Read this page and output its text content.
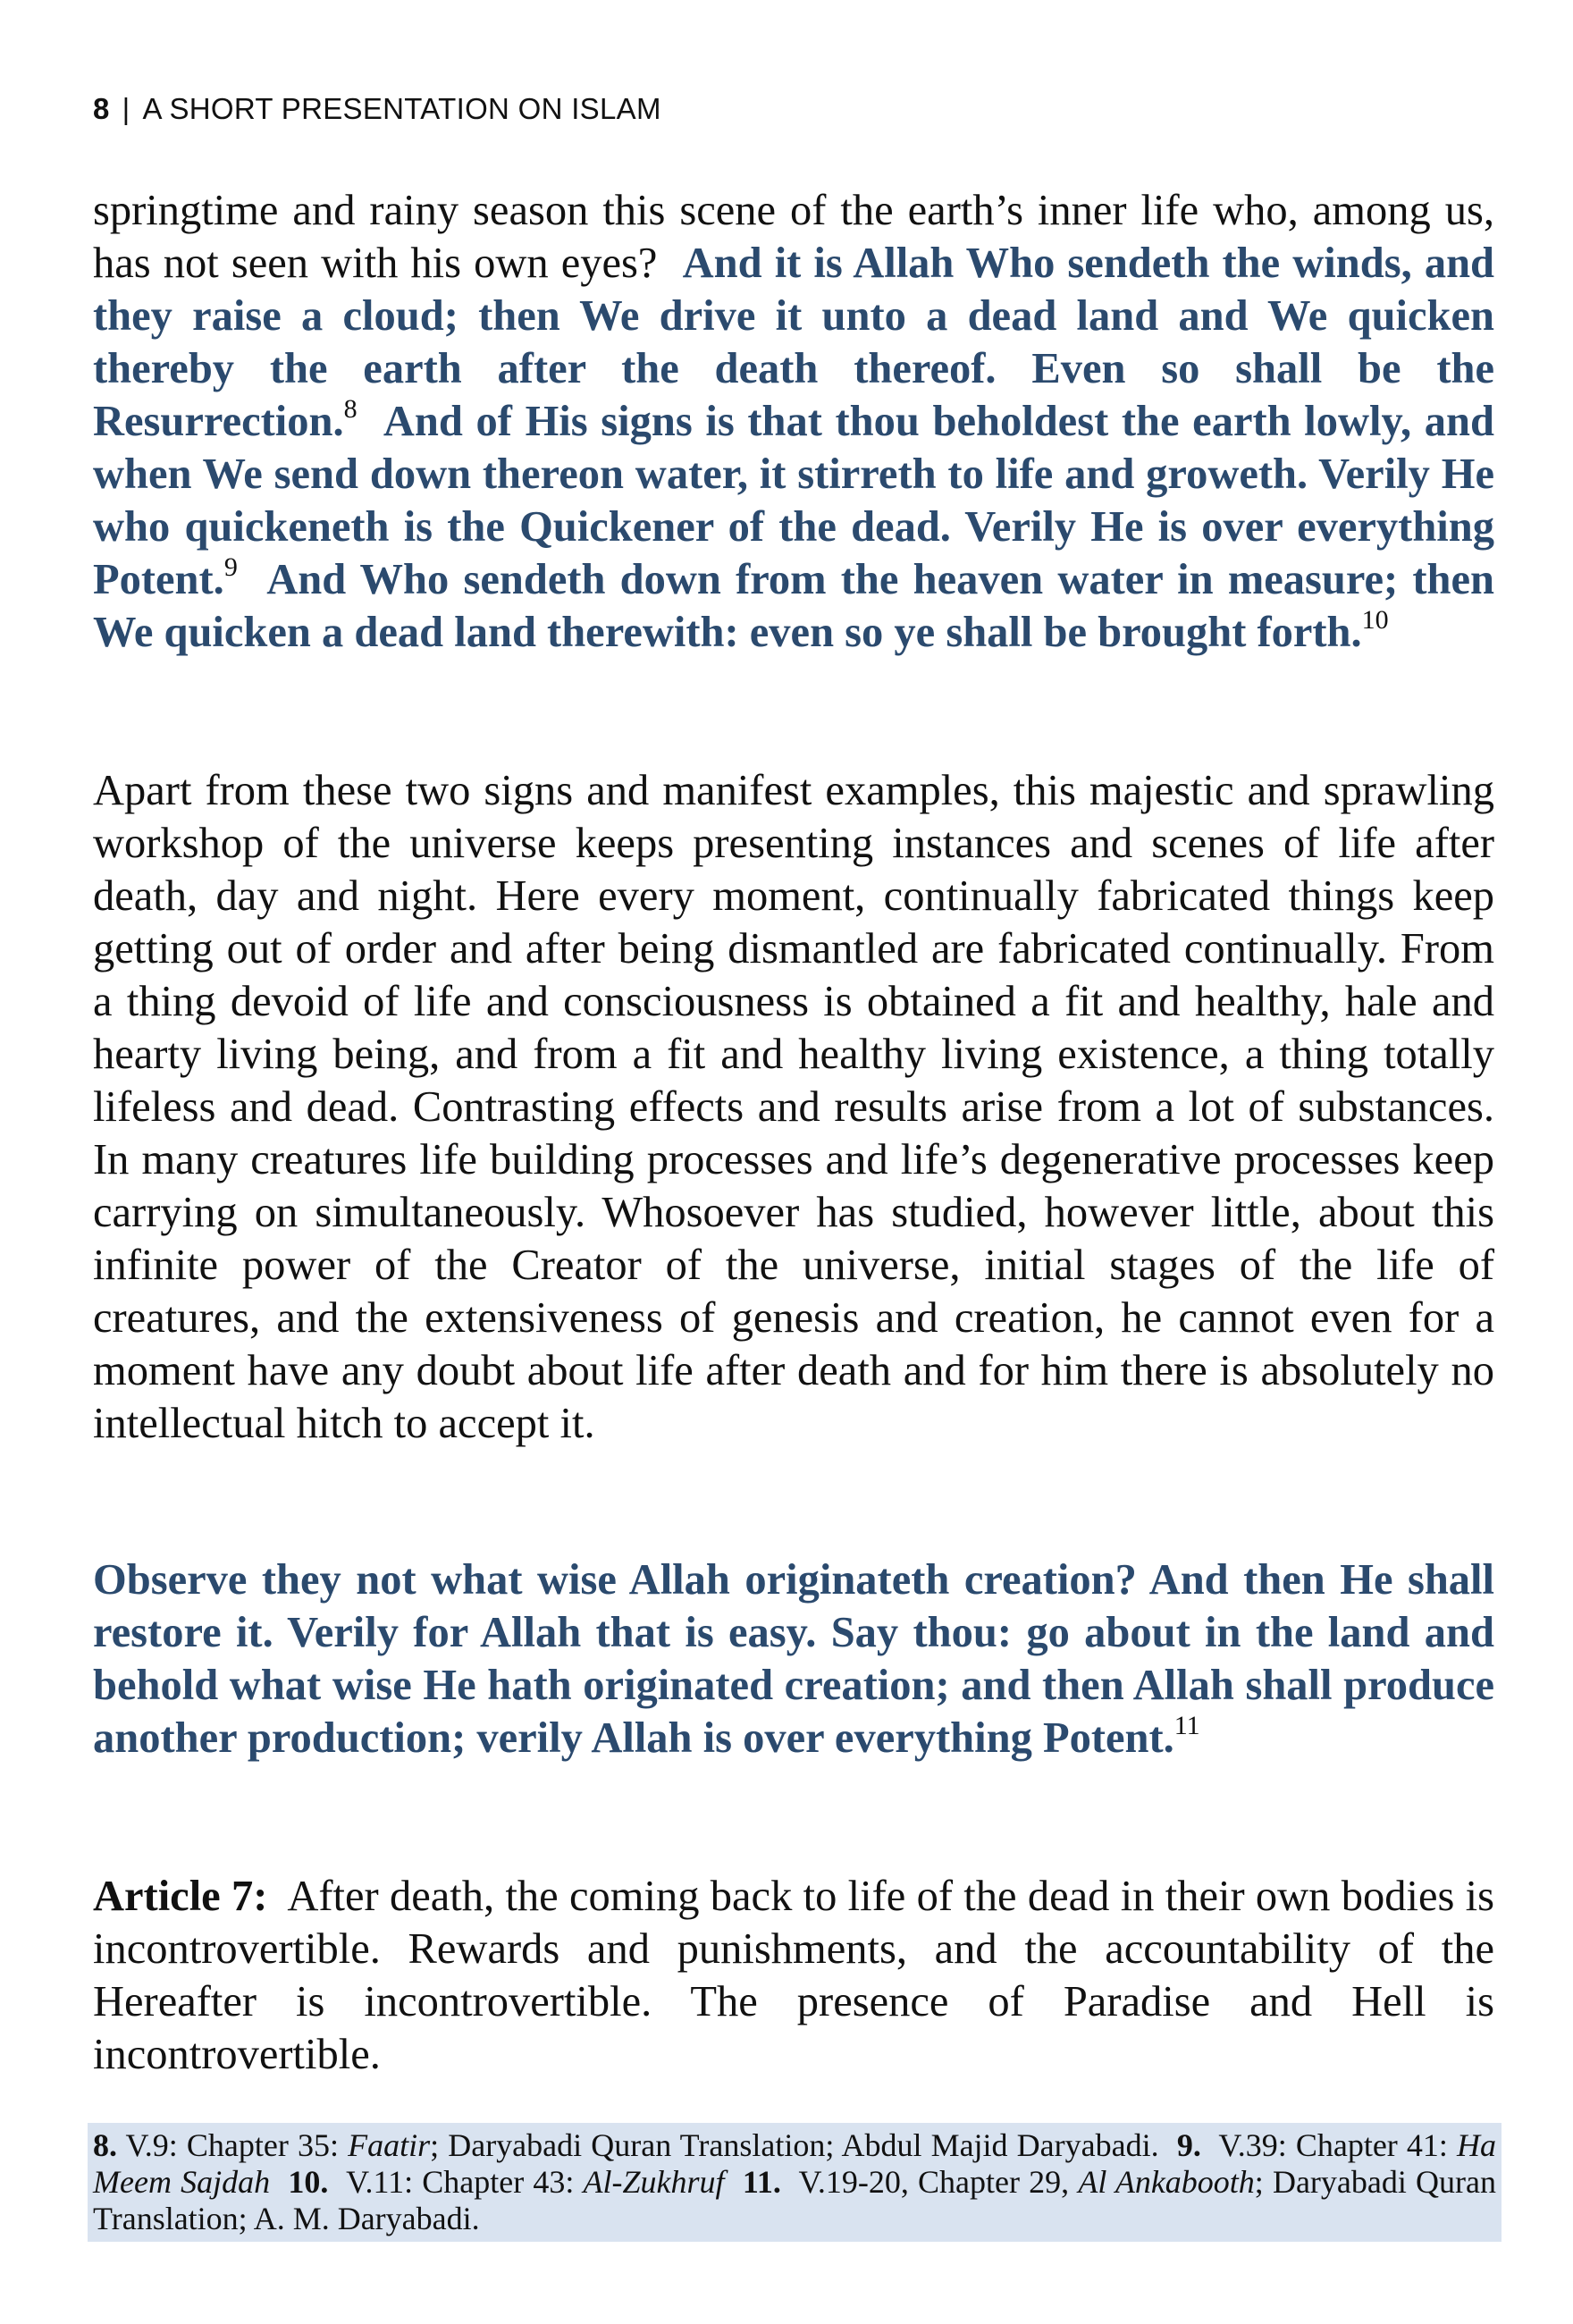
8 | A SHORT PRESENTATION ON ISLAM

springtime and rainy season this scene of the earth’s inner life who, among us, has not seen with his own eyes? And it is Allah Who sendeth the winds, and they raise a cloud; then We drive it unto a dead land and We quicken thereby the earth after the death thereof. Even so shall be the Resurrection.$^8$ And of His signs is that thou beholdest the earth lowly, and when We send down thereon water, it stirreth to life and groweth. Verily He who quickeneth is the Quickener of the dead. Verily He is over everything Potent.$^9$ And Who sendeth down from the heaven water in measure; then We quicken a dead land therewith: even so ye shall be brought forth.$^{10}$

Apart from these two signs and manifest examples, this majestic and sprawling workshop of the universe keeps presenting instances and scenes of life after death, day and night. Here every moment, continually fabricated things keep getting out of order and after being dismantled are fabricated continually. From a thing devoid of life and consciousness is obtained a fit and healthy, hale and hearty living being, and from a fit and healthy living existence, a thing totally lifeless and dead. Contrasting effects and results arise from a lot of substances. In many creatures life building processes and life’s degenerative processes keep carrying on simultaneously. Whosoever has studied, however little, about this infinite power of the Creator of the universe, initial stages of the life of creatures, and the extensiveness of genesis and creation, he cannot even for a moment have any doubt about life after death and for him there is absolutely no intellectual hitch to accept it.

Observe they not what wise Allah originateth creation? And then He shall restore it. Verily for Allah that is easy. Say thou: go about in the land and behold what wise He hath originated creation; and then Allah shall produce another production; verily Allah is over everything Potent.$^{11}$

Article 7: After death, the coming back to life of the dead in their own bodies is incontrovertible. Rewards and punishments, and the accountability of the Hereafter is incontrovertible. The presence of Paradise and Hell is incontrovertible.

8. V.9: Chapter 35: Faatir; Daryabadi Quran Translation; Abdul Majid Daryabadi. 9. V.39: Chapter 41: Ha Meem Sajdah 10. V.11: Chapter 43: Al-Zukhruf 11. V.19-20, Chapter 29, Al Ankabooth; Daryabadi Quran Translation; A. M. Daryabadi.
